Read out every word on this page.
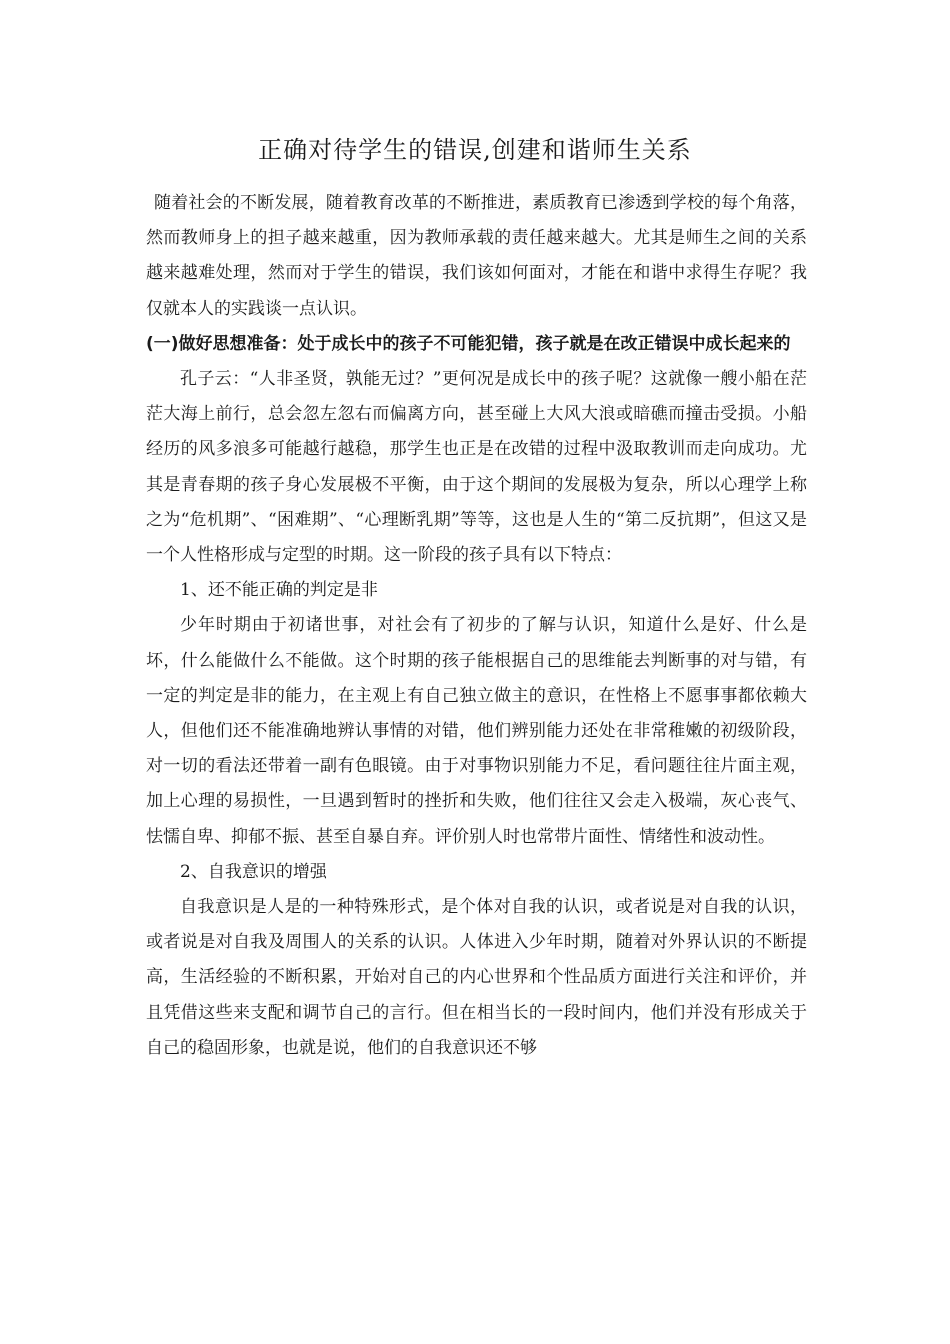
正确对待学生的错误,创建和谐师生关系

随着社会的不断发展，随着教育改革的不断推进，素质教育已渗透到学校的每个角落，然而教师身上的担子越来越重，因为教师承载的责任越来越大。尤其是师生之间的关系越来越难处理，然而对于学生的错误，我们该如何面对，才能在和谐中求得生存呢？我仅就本人的实践谈一点认识。

(一)做好思想准备：处于成长中的孩子不可能犯错，孩子就是在改正错误中成长起来的

孔子云：“人非圣贤，孰能无过？”更何况是成长中的孩子呢？这就像一艘小船在茫茫大海上前行，总会忽左忽右而偏离方向，甚至碰上大风大浪或暗礁而撞击受损。小船经历的风多浪多可能越行越稳，那学生也正是在改错的过程中汲取教训而走向成功。尤其是青春期的孩子身心发展极不平衡，由于这个期间的发展极为复杂，所以心理学上称之为“危机期”、“困难期”、“心理断乳期”等等，这也是人生的“第二反抗期”，但这又是一个人性格形成与定型的时期。这一阶段的孩子具有以下特点：

1、还不能正确的判定是非

少年时期由于初诸世事，对社会有了初步的了解与认识，知道什么是好、什么是坏，什么能做什么不能做。这个时期的孩子能根据自己的思维能去判断事的对与错，有一定的判定是非的能力，在主观上有自己独立做主的意识，在性格上不愿事事都依赖大人，但他们还不能准确地辨认事情的对错，他们辨别能力还处在非常稚嫩的初级阶段，对一切的看法还带着一副有色眼镜。由于对事物识别能力不足，看问题往往片面主观，加上心理的易损性，一旦遇到暂时的挫折和失败，他们往往又会走入极端，灰心丧气、怯懦自卑、抑郁不振、甚至自暴自弃。评价别人时也常带片面性、情绪性和波动性。

2、自我意识的增强

自我意识是人是的一种特殊形式，是个体对自我的认识，或者说是对自我的认识，或者说是对自我及周围人的关系的认识。人体进入少年时期，随着对外界认识的不断提高，生活经验的不断积累，开始对自己的内心世界和个性品质方面进行关注和评价，并且凭借这些来支配和调节自己的言行。但在相当长的一段时间内，他们并没有形成关于自己的稳固形象，也就是说，他们的自我意识还不够
